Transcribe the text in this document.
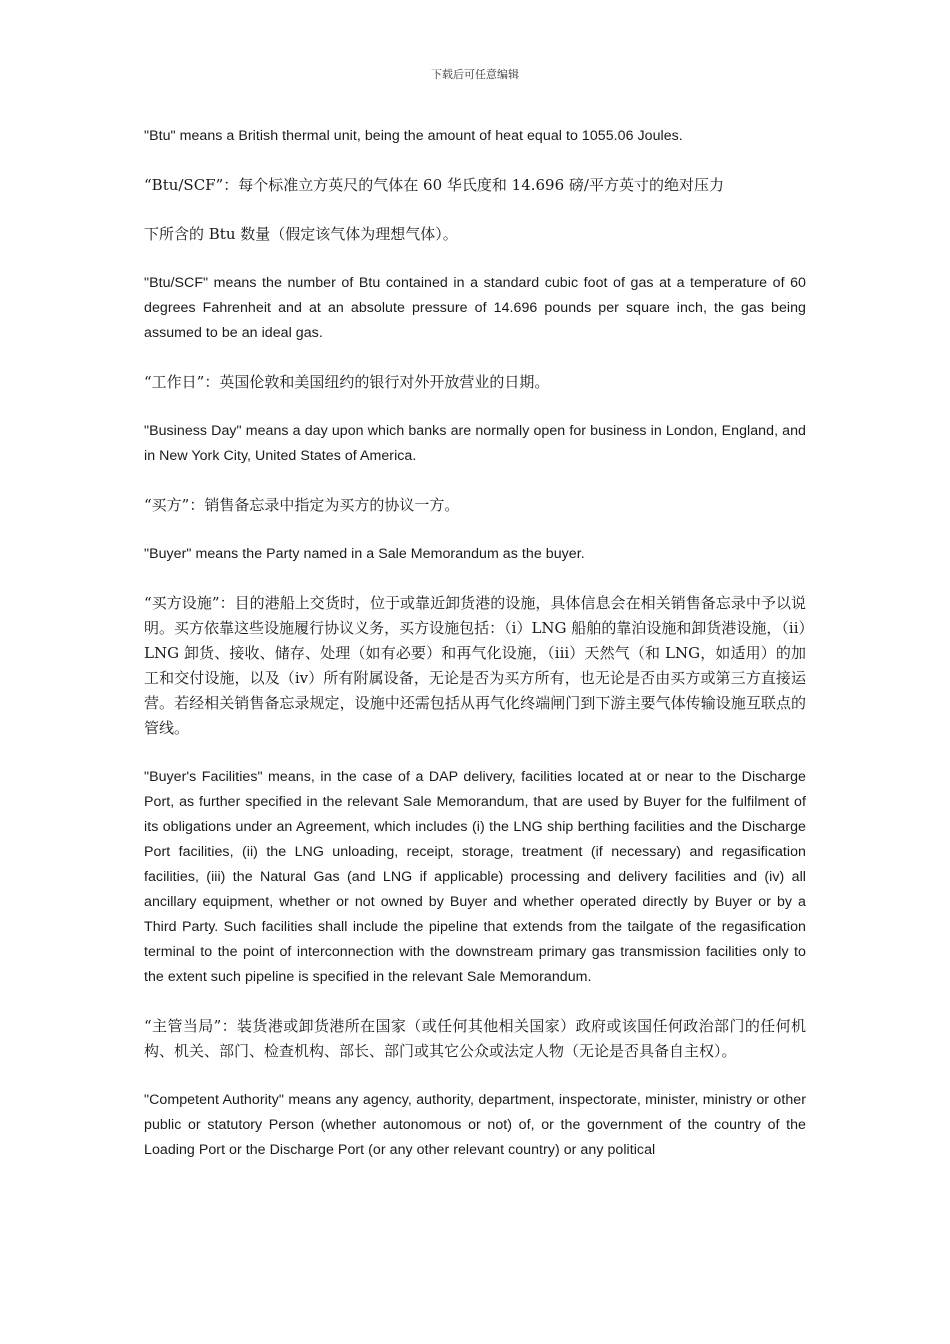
下载后可任意编辑

"Btu" means a British thermal unit, being the amount of heat equal to 1055.06 Joules.

“Btu/SCF”：每个标准立方英尺的气体在 60 华氏度和 14.696 磅/平方英寸的绝对压力

下所含的 Btu 数量（假定该气体为理想气体）。

"Btu/SCF" means the number of Btu contained in a standard cubic foot of gas at a temperature of 60 degrees Fahrenheit and at an absolute pressure of 14.696 pounds per square inch, the gas being assumed to be an ideal gas.

“工作日”：英国伦敦和美国纽约的银行对外开放营业的日期。

"Business Day" means a day upon which banks are normally open for business in London, England, and in New York City, United States of America.

“买方”：销售备忘录中指定为买方的协议一方。

"Buyer" means the Party named in a Sale Memorandum as the buyer.

“买方设施”：目的港船上交货时，位于或靠近卸货港的设施，具体信息会在相关销售备忘录中予以说明。买方依靠这些设施履行协议义务，买方设施包括：（i）LNG 船舶的靠泊设施和卸货港设施，（ii）LNG 卸货、接收、储存、处理（如有必要）和再气化设施，（iii）天然气（和 LNG，如适用）的加工和交付设施，以及（iv）所有附属设备，无论是否为买方所有，也无论是否由买方或第三方直接运营。若经相关销售备忘录规定，设施中还需包括从再气化终端闸门到下游主要气体传输设施互联点的管线。

"Buyer's Facilities" means, in the case of a DAP delivery, facilities located at or near to the Discharge Port, as further specified in the relevant Sale Memorandum, that are used by Buyer for the fulfilment of its obligations under an Agreement, which includes (i) the LNG ship berthing facilities and the Discharge Port facilities, (ii) the LNG unloading, receipt, storage, treatment (if necessary) and regasification facilities, (iii) the Natural Gas (and LNG if applicable) processing and delivery facilities and (iv) all ancillary equipment, whether or not owned by Buyer and whether operated directly by Buyer or by a Third Party. Such facilities shall include the pipeline that extends from the tailgate of the regasification terminal to the point of interconnection with the downstream primary gas transmission facilities only to the extent such pipeline is specified in the relevant Sale Memorandum.

“主管当局”：装货港或卸货港所在国家（或任何其他相关国家）政府或该国任何政治部门的任何机构、机关、部门、检查机构、部长、部门或其它公众或法定人物（无论是否具备自主权）。

"Competent Authority" means any agency, authority, department, inspectorate, minister, ministry or other public or statutory Person (whether autonomous or not) of, or the government of the country of the Loading Port or the Discharge Port (or any other relevant country) or any political
